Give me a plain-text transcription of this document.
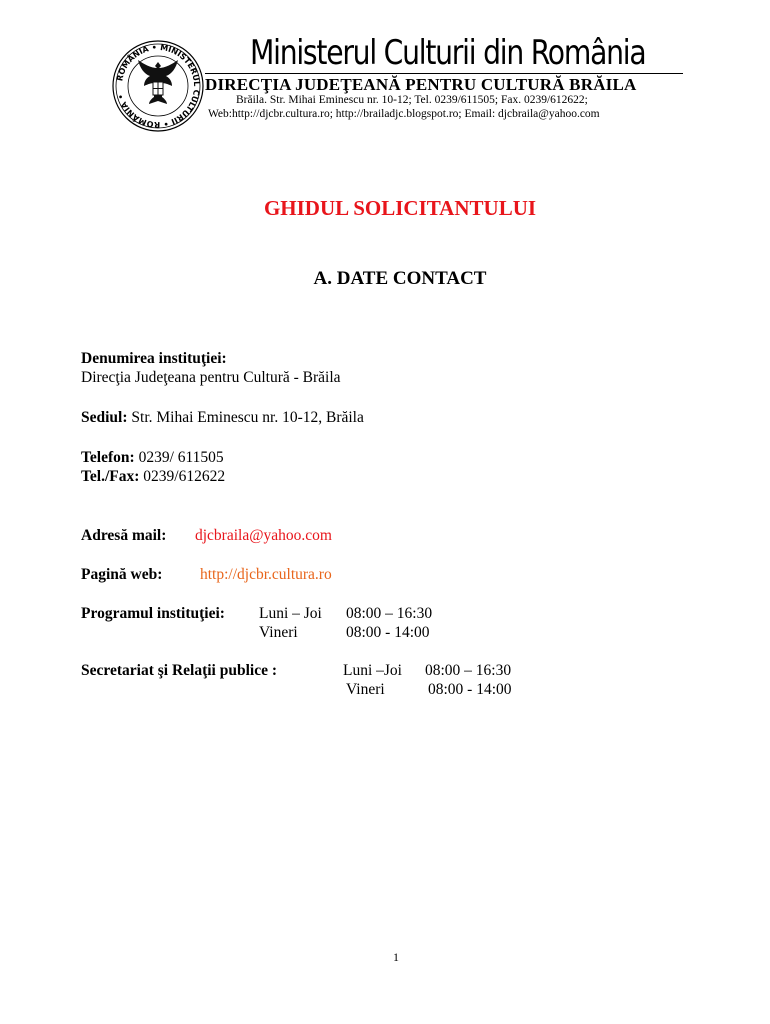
ROMÂNIA • MINISTERUL CULTURII • ROMÂNIA •
Ministerul Culturii din România
DIRECŢIA JUDEŢEANĂ PENTRU CULTURĂ BRĂILA
Brăila. Str. Mihai Eminescu nr. 10-12; Tel. 0239/611505; Fax. 0239/612622;
Web:http://djcbr.cultura.ro; http://brailadjc.blogspot.ro; Email: djcbraila@yahoo.com
GHIDUL SOLICITANTULUI
A. DATE CONTACT
Denumirea instituţiei:
Direcţia Judeţeana pentru Cultură - Brăila
Sediul: Str. Mihai Eminescu nr. 10-12, Brăila
Telefon: 0239/ 611505
Tel./Fax: 0239/612622
Adresă mail: djcbraila@yahoo.com
Pagină web: http://djcbr.cultura.ro
Programul instituţiei: Luni – Joi 08:00 – 16:30
Vineri	08:00 - 14:00
Secretariat şi Relaţii publice :	Luni –Joi 08:00 – 16:30
Vineri	08:00 - 14:00
1
